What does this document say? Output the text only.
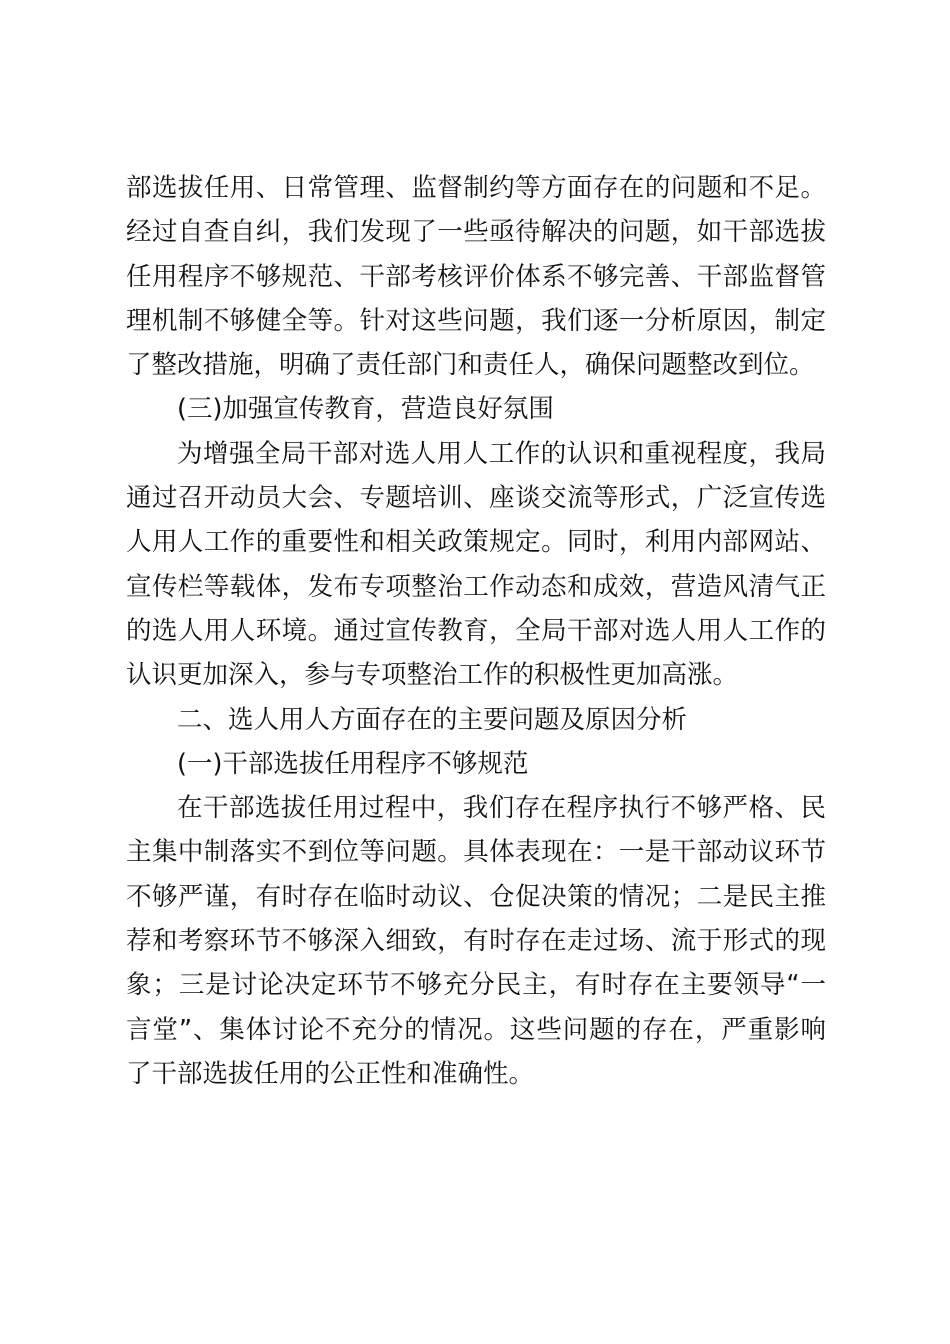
部选拔任用、日常管理、监督制约等方面存在的问题和不足。经过自查自纠，我们发现了一些亟待解决的问题，如干部选拔任用程序不够规范、干部考核评价体系不够完善、干部监督管理机制不够健全等。针对这些问题，我们逐一分析原因，制定了整改措施，明确了责任部门和责任人，确保问题整改到位。

(三)加强宣传教育，营造良好氛围

为增强全局干部对选人用人工作的认识和重视程度，我局通过召开动员大会、专题培训、座谈交流等形式，广泛宣传选人用人工作的重要性和相关政策规定。同时，利用内部网站、宣传栏等载体，发布专项整治工作动态和成效，营造风清气正的选人用人环境。通过宣传教育，全局干部对选人用人工作的认识更加深入，参与专项整治工作的积极性更加高涨。

二、选人用人方面存在的主要问题及原因分析

(一)干部选拔任用程序不够规范

在干部选拔任用过程中，我们存在程序执行不够严格、民主集中制落实不到位等问题。具体表现在：一是干部动议环节不够严谨，有时存在临时动议、仓促决策的情况；二是民主推荐和考察环节不够深入细致，有时存在走过场、流于形式的现象；三是讨论决定环节不够充分民主，有时存在主要领导“一言堂”、集体讨论不充分的情况。这些问题的存在，严重影响了干部选拔任用的公正性和准确性。
